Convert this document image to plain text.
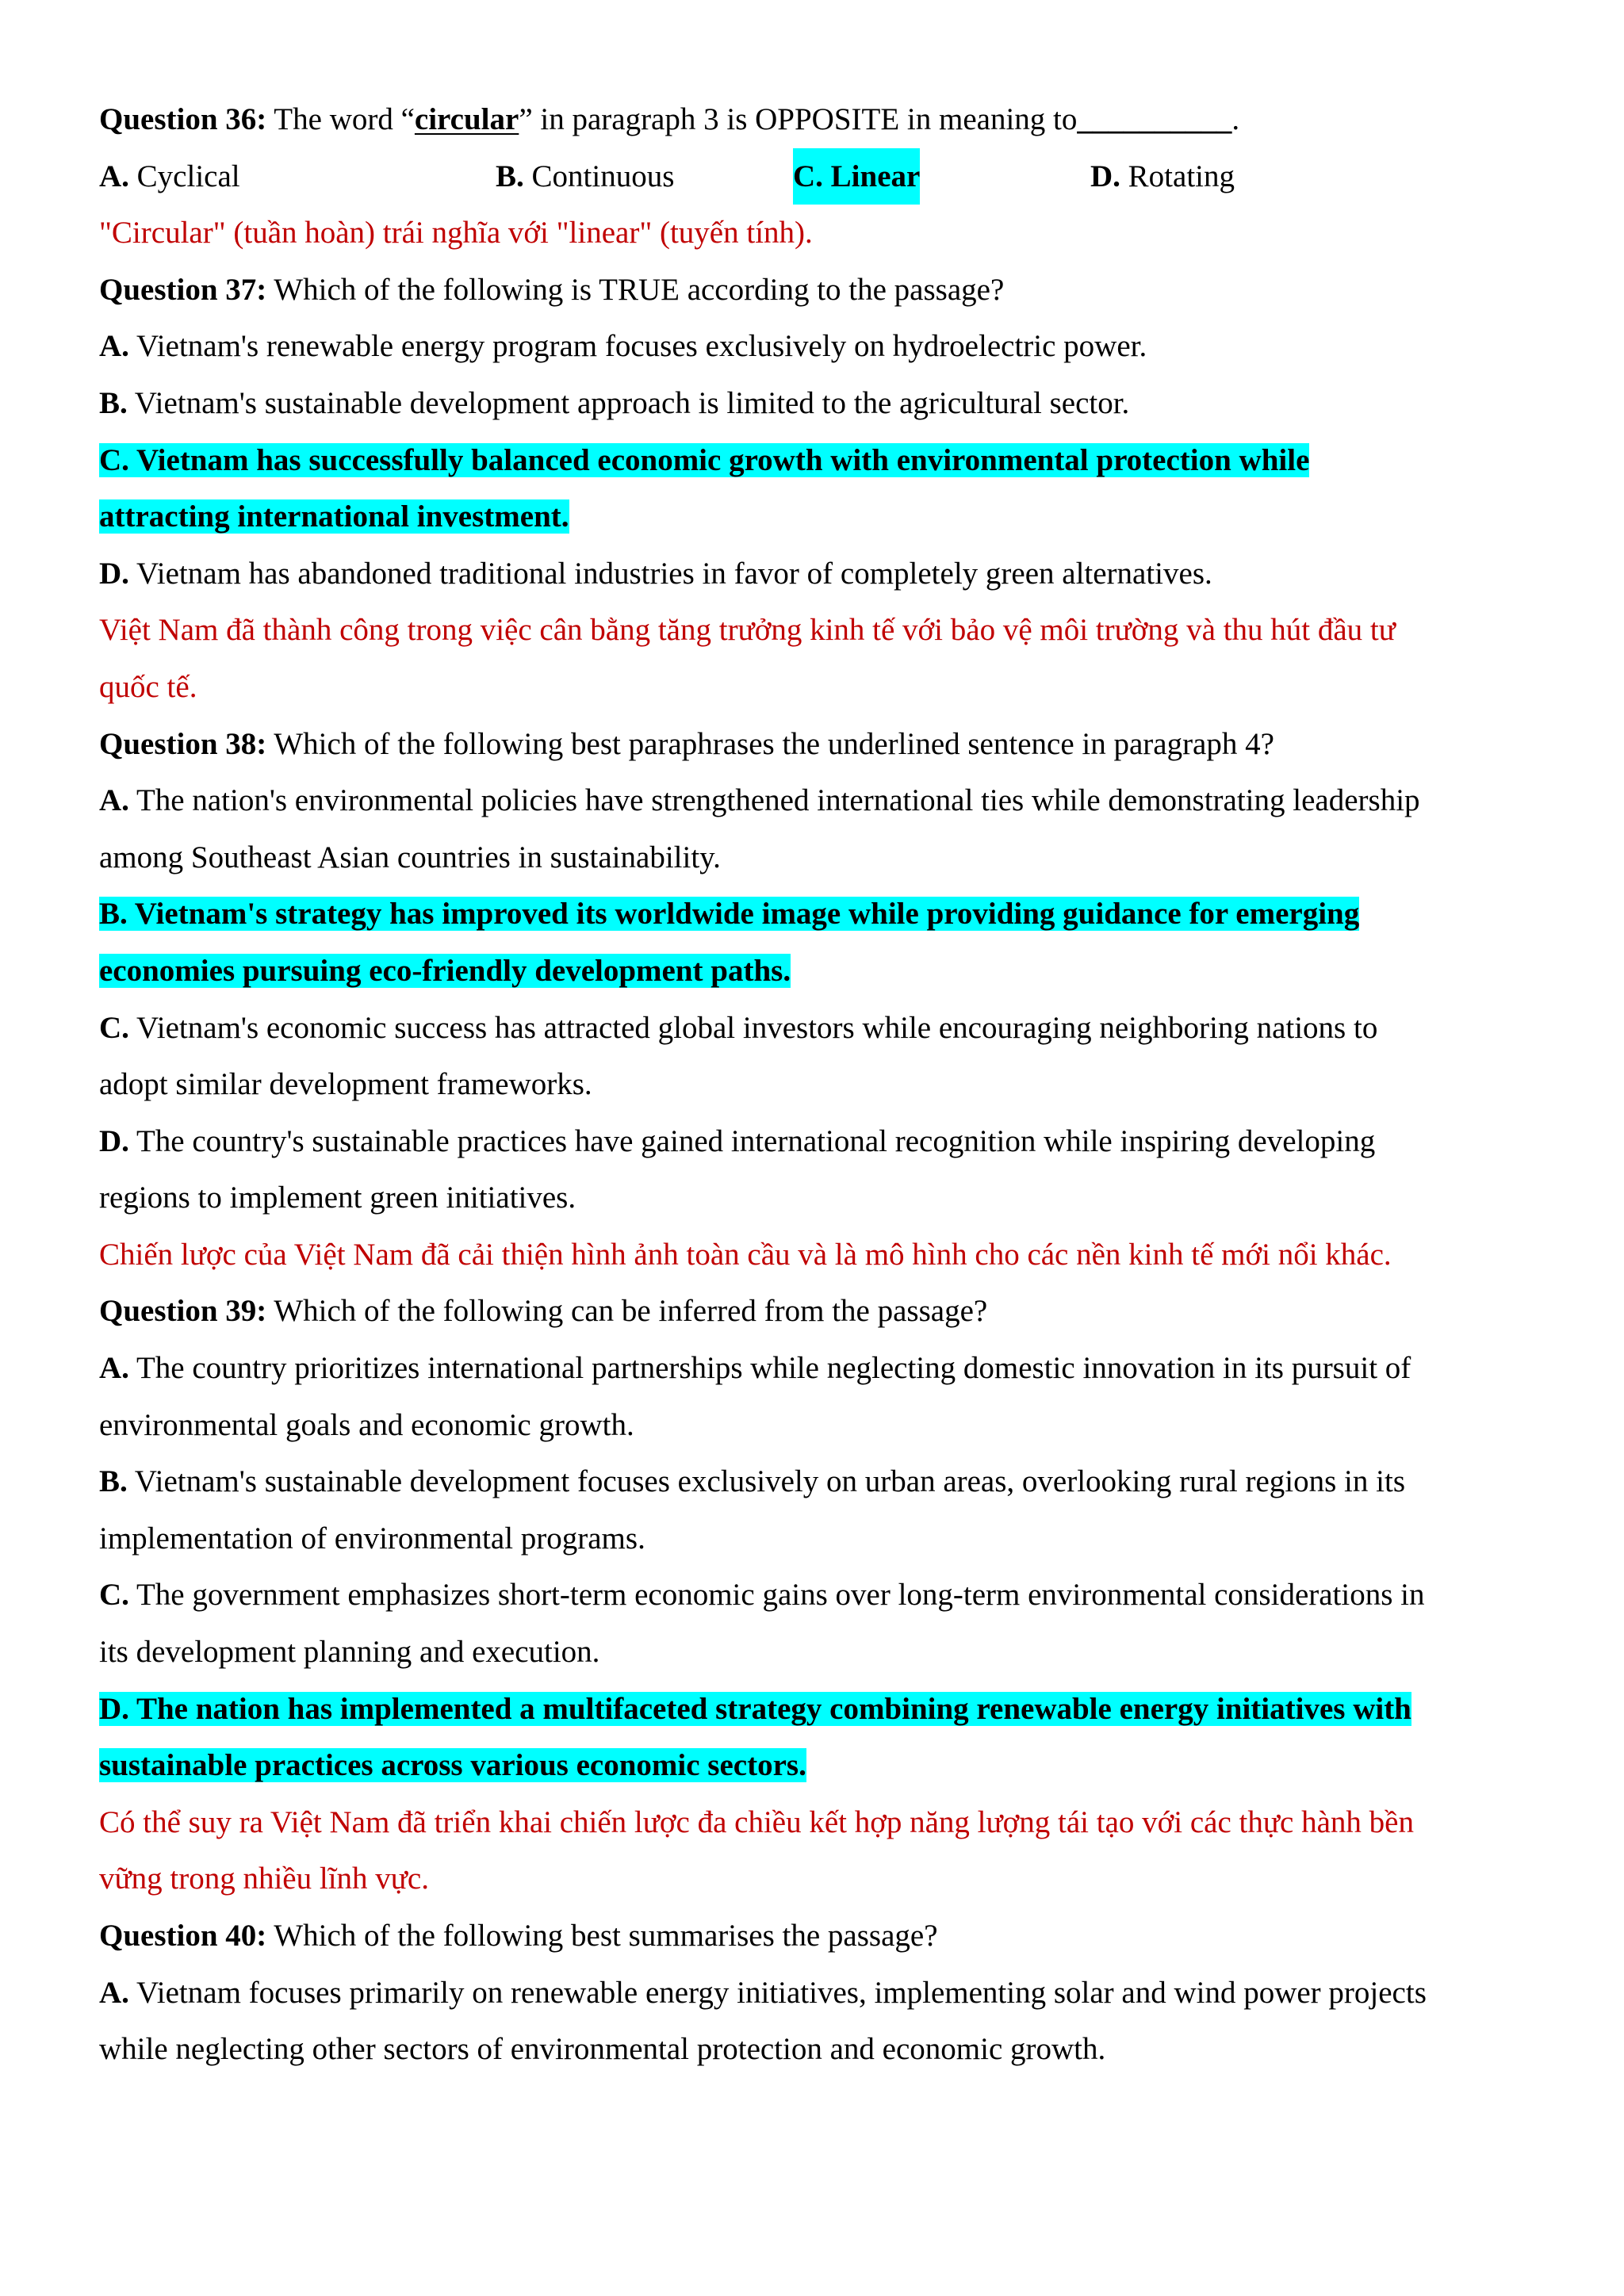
Question 36: The word “circular” in paragraph 3 is OPPOSITE in meaning to__________.
A. Cyclical	B. Continuous	C. Linear	D. Rotating
"Circular" (tuần hoàn) trái nghĩa với "linear" (tuyến tính).
Question 37: Which of the following is TRUE according to the passage?
A. Vietnam's renewable energy program focuses exclusively on hydroelectric power.
B. Vietnam's sustainable development approach is limited to the agricultural sector.
C. Vietnam has successfully balanced economic growth with environmental protection while
attracting international investment.
D. Vietnam has abandoned traditional industries in favor of completely green alternatives.
Việt Nam đã thành công trong việc cân bằng tăng trưởng kinh tế với bảo vệ môi trường và thu hút đầu tư
quốc tế.
Question 38: Which of the following best paraphrases the underlined sentence in paragraph 4?
A. The nation's environmental policies have strengthened international ties while demonstrating leadership
among Southeast Asian countries in sustainability.
B. Vietnam's strategy has improved its worldwide image while providing guidance for emerging
economies pursuing eco-friendly development paths.
C. Vietnam's economic success has attracted global investors while encouraging neighboring nations to
adopt similar development frameworks.
D. The country's sustainable practices have gained international recognition while inspiring developing
regions to implement green initiatives.
Chiến lược của Việt Nam đã cải thiện hình ảnh toàn cầu và là mô hình cho các nền kinh tế mới nổi khác.
Question 39: Which of the following can be inferred from the passage?
A. The country prioritizes international partnerships while neglecting domestic innovation in its pursuit of
environmental goals and economic growth.
B. Vietnam's sustainable development focuses exclusively on urban areas, overlooking rural regions in its
implementation of environmental programs.
C. The government emphasizes short-term economic gains over long-term environmental considerations in
its development planning and execution.
D. The nation has implemented a multifaceted strategy combining renewable energy initiatives with
sustainable practices across various economic sectors.
Có thể suy ra Việt Nam đã triển khai chiến lược đa chiều kết hợp năng lượng tái tạo với các thực hành bền
vững trong nhiều lĩnh vực.
Question 40: Which of the following best summarises the passage?
A. Vietnam focuses primarily on renewable energy initiatives, implementing solar and wind power projects
while neglecting other sectors of environmental protection and economic growth.
